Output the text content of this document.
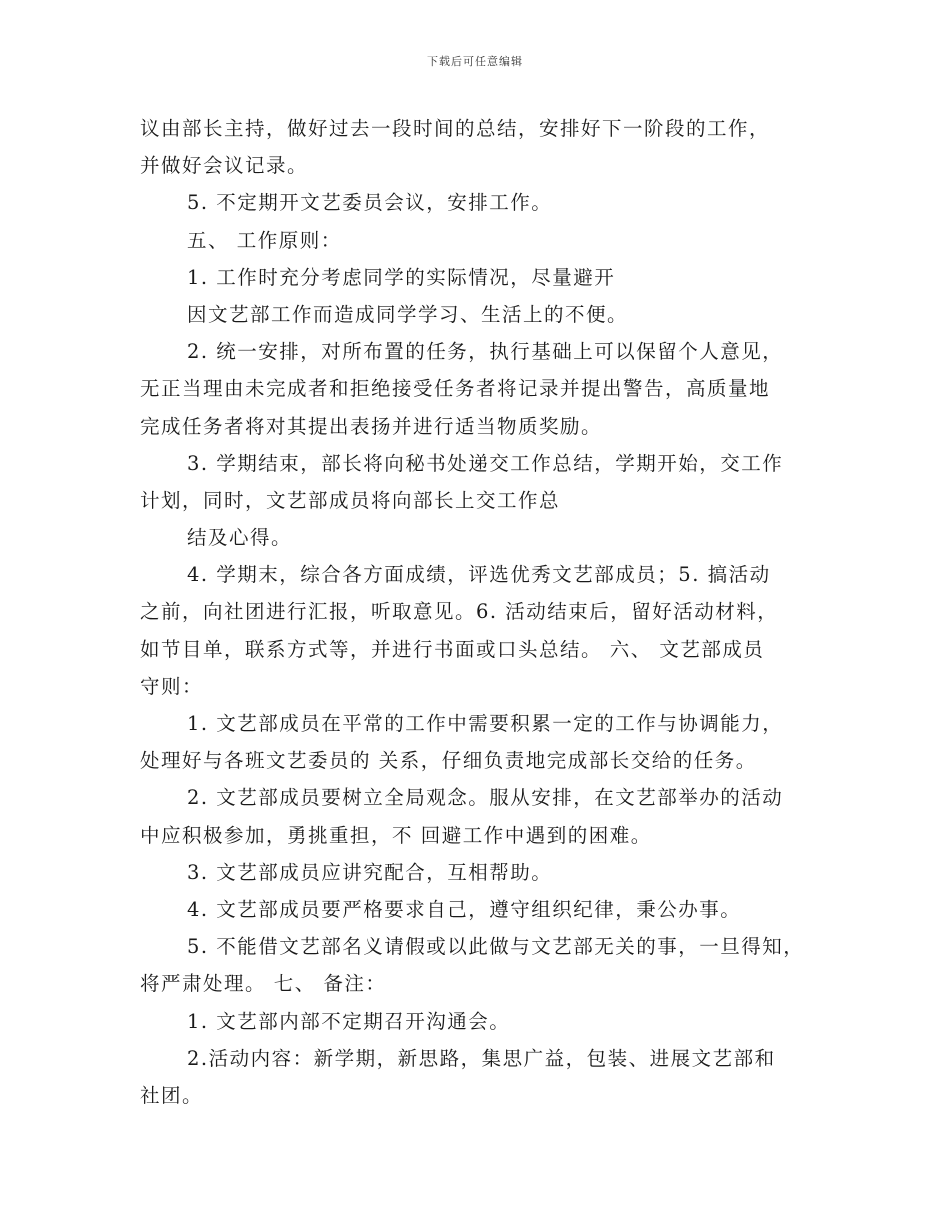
下载后可任意编辑
议由部长主持，做好过去一段时间的总结，安排好下一阶段的工作，
并做好会议记录。
5. 不定期开文艺委员会议，安排工作。
五、 工作原则：
1. 工作时充分考虑同学的实际情况，尽量避开
因文艺部工作而造成同学学习、生活上的不便。
2. 统一安排，对所布置的任务，执行基础上可以保留个人意见，
无正当理由未完成者和拒绝接受任务者将记录并提出警告，高质量地
完成任务者将对其提出表扬并进行适当物质奖励。
3. 学期结束，部长将向秘书处递交工作总结，学期开始，交工作
计划，同时，文艺部成员将向部长上交工作总
结及心得。
4. 学期末，综合各方面成绩，评选优秀文艺部成员；5. 搞活动
之前，向社团进行汇报，听取意见。6. 活动结束后，留好活动材料，
如节目单，联系方式等，并进行书面或口头总结。 六、 文艺部成员
守则：
1. 文艺部成员在平常的工作中需要积累一定的工作与协调能力，
处理好与各班文艺委员的 关系，仔细负责地完成部长交给的任务。
2. 文艺部成员要树立全局观念。服从安排，在文艺部举办的活动
中应积极参加，勇挑重担，不 回避工作中遇到的困难。
3. 文艺部成员应讲究配合，互相帮助。
4. 文艺部成员要严格要求自己，遵守组织纪律，秉公办事。
5. 不能借文艺部名义请假或以此做与文艺部无关的事，一旦得知，
将严肃处理。 七、 备注：
1. 文艺部内部不定期召开沟通会。
2.活动内容：新学期，新思路，集思广益，包装、进展文艺部和
社团。
